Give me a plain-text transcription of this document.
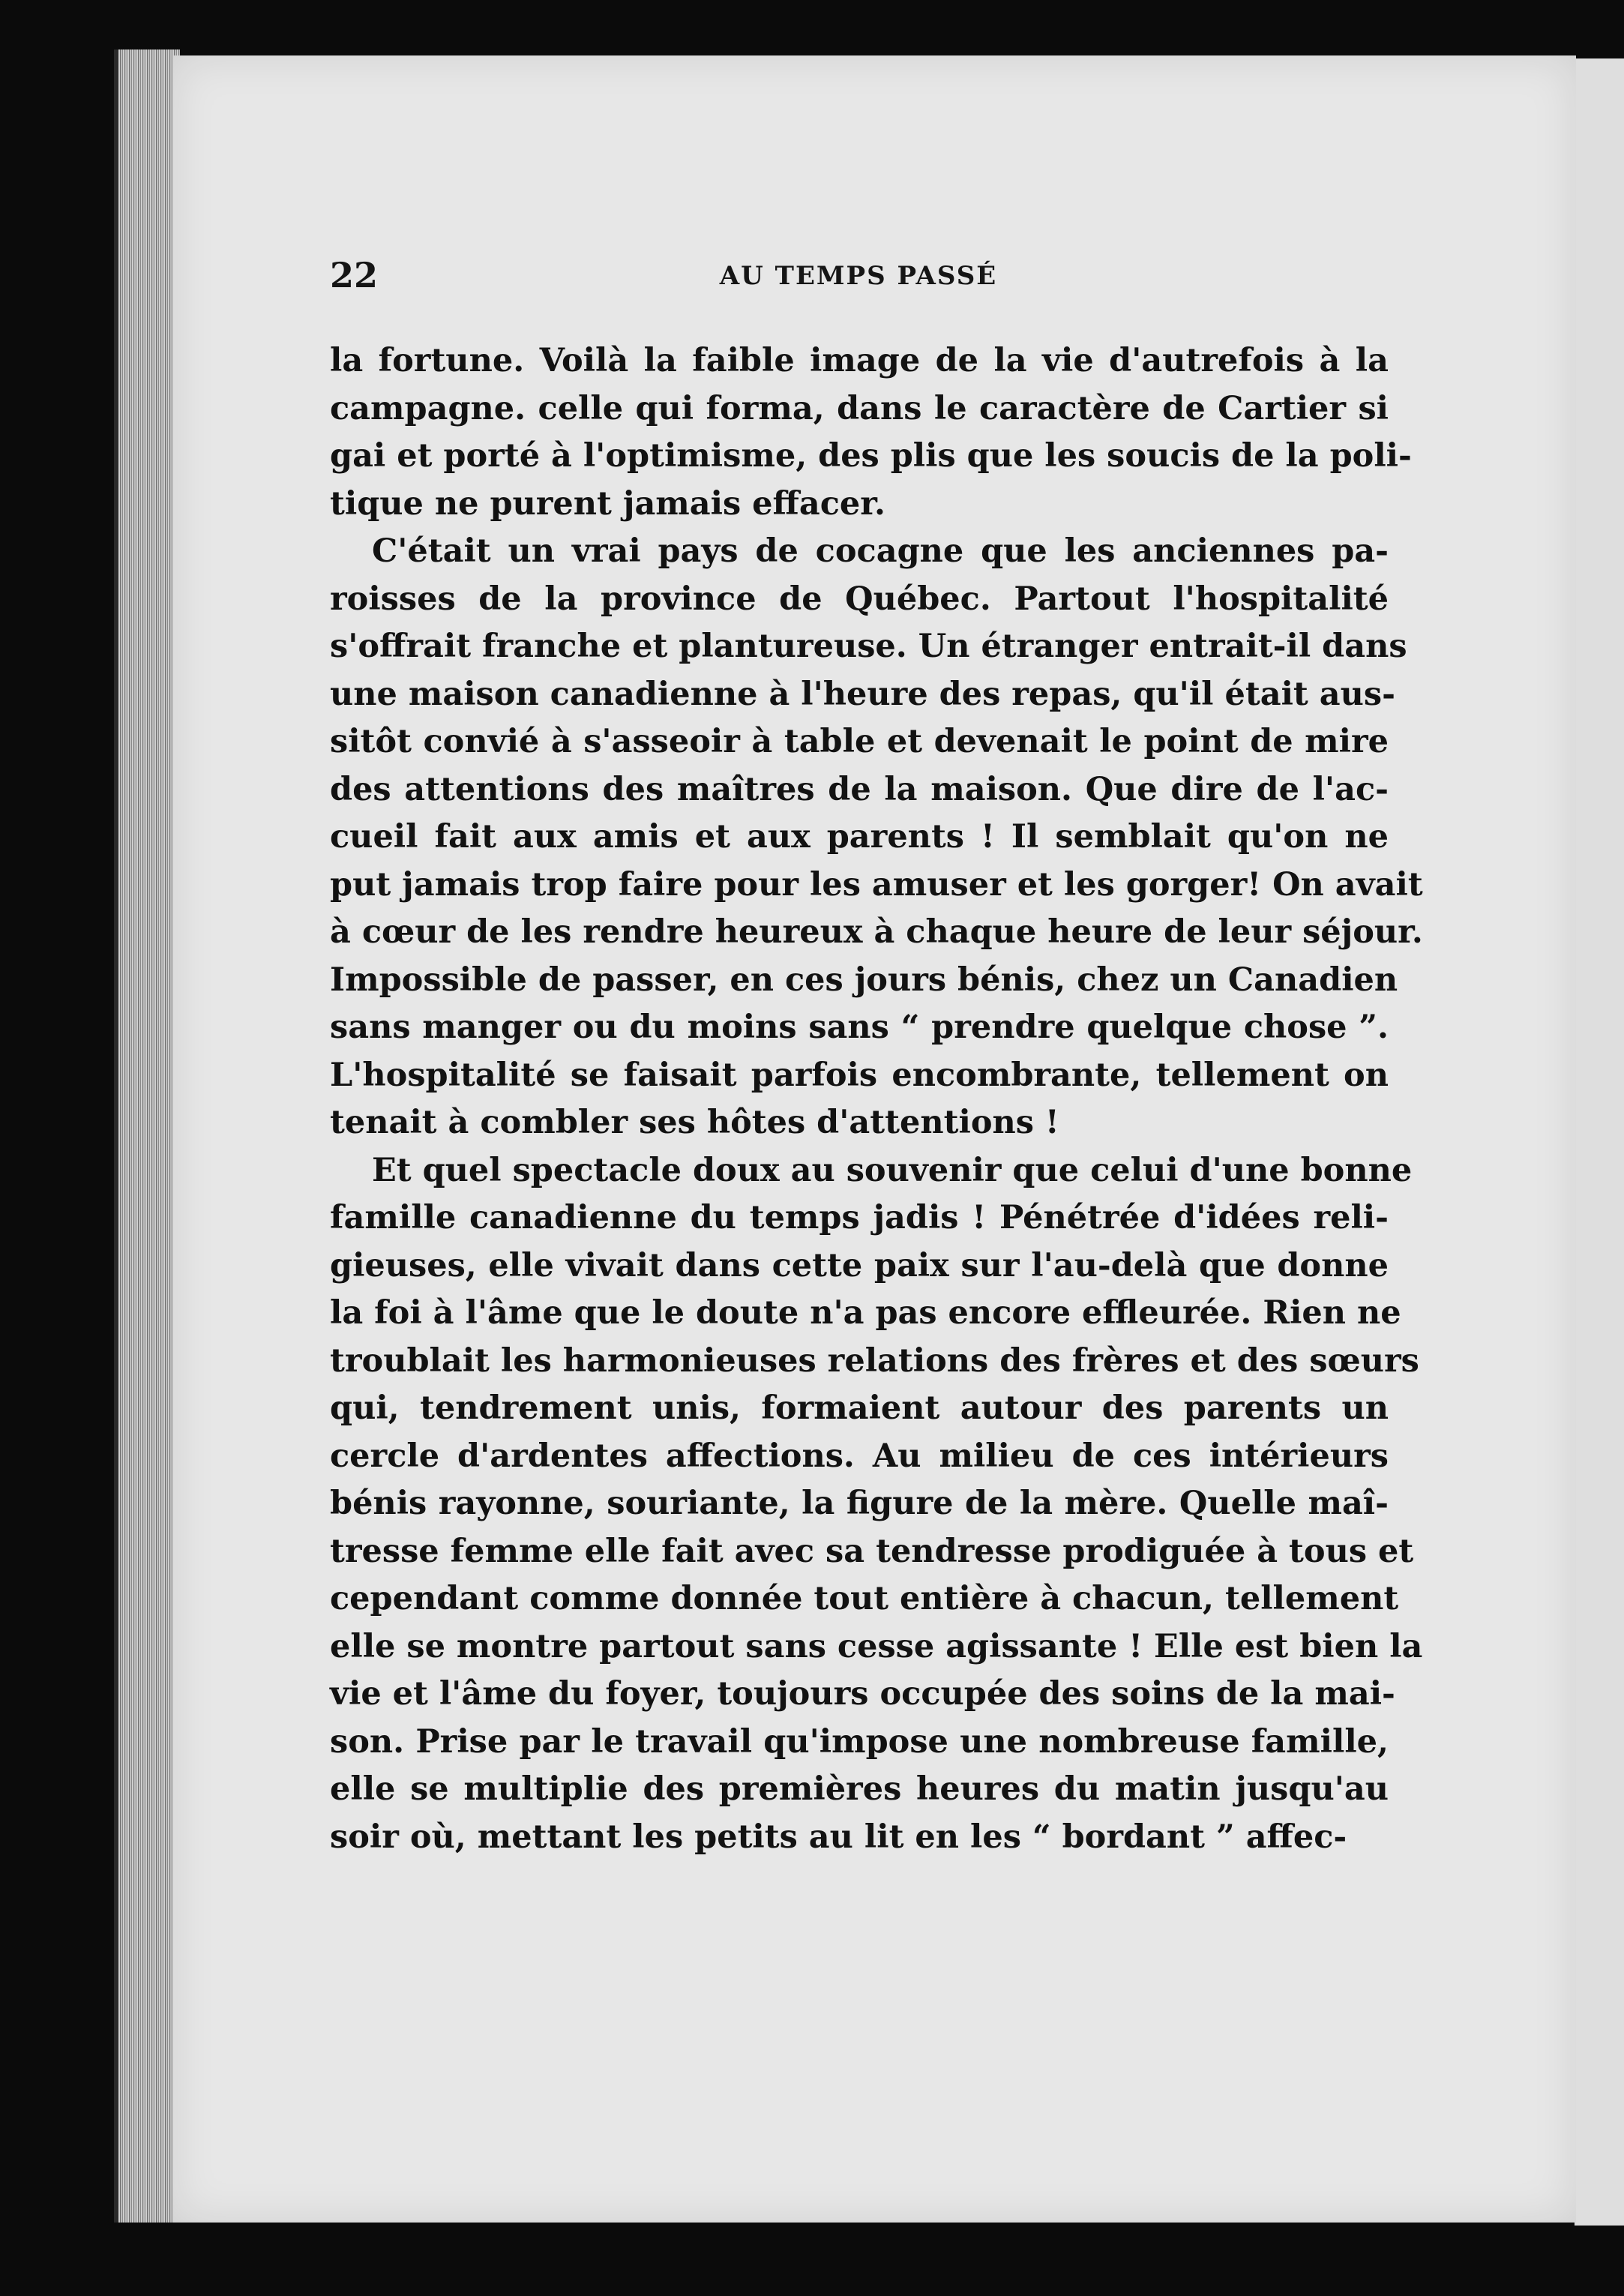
22	AU TEMPS PASSÉ
la fortune. Voilà la faible image de la vie d'autrefois à la
campagne. celle qui forma, dans le caractère de Cartier si
gai et porté à l'optimisme, des plis que les soucis de la poli-
tique ne purent jamais effacer.
C'était un vrai pays de cocagne que les anciennes pa-
roisses de la province de Québec. Partout l'hospitalité
s'offrait franche et plantureuse. Un étranger entrait-il dans
une maison canadienne à l'heure des repas, qu'il était aus-
sitôt convié à s'asseoir à table et devenait le point de mire
des attentions des maîtres de la maison. Que dire de l'ac-
cueil fait aux amis et aux parents ! Il semblait qu'on ne
put jamais trop faire pour les amuser et les gorger! On avait
à cœur de les rendre heureux à chaque heure de leur séjour.
Impossible de passer, en ces jours bénis, chez un Canadien
sans manger ou du moins sans “ prendre quelque chose ”.
L'hospitalité se faisait parfois encombrante, tellement on
tenait à combler ses hôtes d'attentions !
Et quel spectacle doux au souvenir que celui d'une bonne
famille canadienne du temps jadis ! Pénétrée d'idées reli-
gieuses, elle vivait dans cette paix sur l'au-delà que donne
la foi à l'âme que le doute n'a pas encore effleurée. Rien ne
troublait les harmonieuses relations des frères et des sœurs
qui, tendrement unis, formaient autour des parents un
cercle d'ardentes affections. Au milieu de ces intérieurs
bénis rayonne, souriante, la figure de la mère. Quelle maî-
tresse femme elle fait avec sa tendresse prodiguée à tous et
cependant comme donnée tout entière à chacun, tellement
elle se montre partout sans cesse agissante ! Elle est bien la
vie et l'âme du foyer, toujours occupée des soins de la mai-
son. Prise par le travail qu'impose une nombreuse famille,
elle se multiplie des premières heures du matin jusqu'au
soir où, mettant les petits au lit en les “ bordant ” affec-
